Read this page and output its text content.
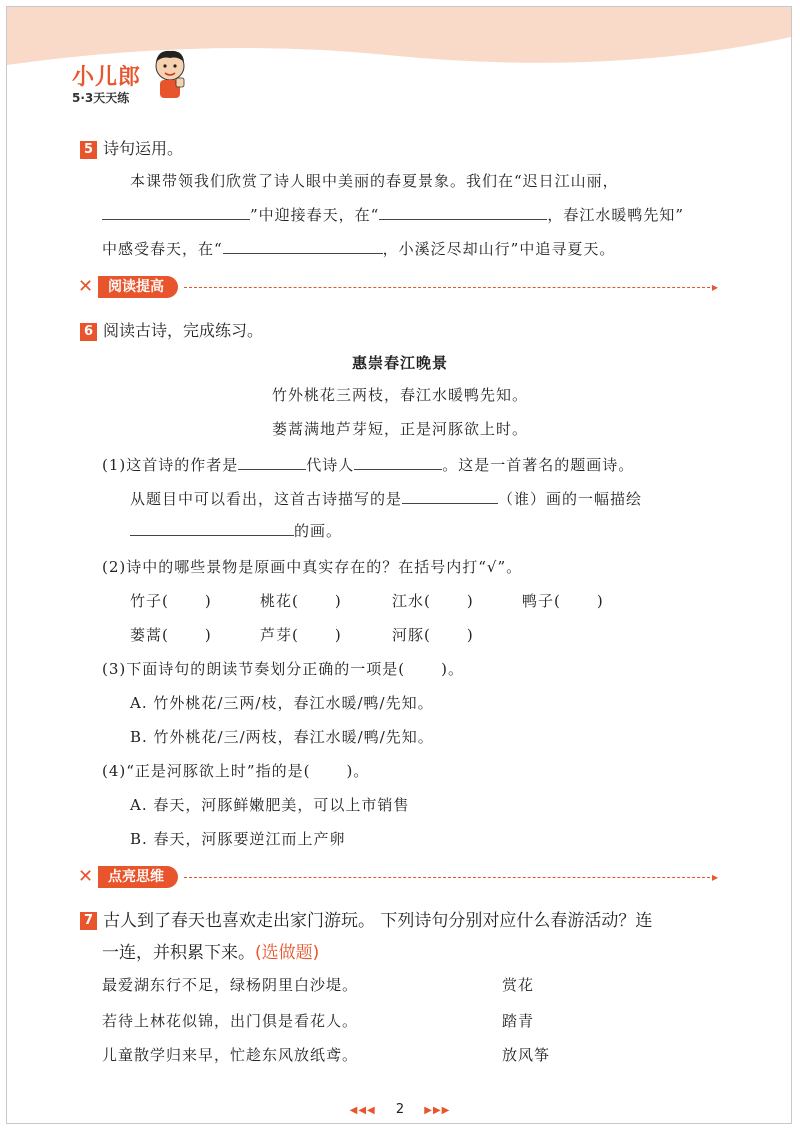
小儿郎
5·3天天练
5 诗句运用。
本课带领我们欣赏了诗人眼中美丽的春夏景象。我们在“迟日江山丽，
”中迎接春天，在“	，春江水暖鸭先知”
中感受春天，在“	，小溪泛尽却山行”中追寻夏天。
✕	阅读提高	▸
6 阅读古诗，完成练习。
惠崇春江晚景
竹外桃花三两枝，春江水暖鸭先知。
蒌蒿满地芦芽短，正是河豚欲上时。
(1)这首诗的作者是	代诗人	。这是一首著名的题画诗。
从题目中可以看出，这首古诗描写的是	（谁）画的一幅描绘
的画。
(2)诗中的哪些景物是原画中真实存在的？在括号内打“√”。
竹子( )	桃花( )	江水( )	鸭子( )
蒌蒿( )	芦芽( )	河豚( )
(3)下面诗句的朗读节奏划分正确的一项是( )。
A. 竹外桃花/三两/枝，春江水暖/鸭/先知。
B. 竹外桃花/三/两枝，春江水暖/鸭/先知。
(4)“正是河豚欲上时”指的是( )。
A. 春天，河豚鲜嫩肥美，可以上市销售
B. 春天，河豚要逆江而上产卵
✕	点亮思维	▸
7 古人到了春天也喜欢走出家门游玩。 下列诗句分别对应什么春游活动？连
一连，并积累下来。(选做题)
最爱湖东行不足，绿杨阴里白沙堤。	赏花
若待上林花似锦，出门俱是看花人。	踏青
儿童散学归来早，忙趁东风放纸鸢。	放风筝
◀◀◀ 2 ▶▶▶
